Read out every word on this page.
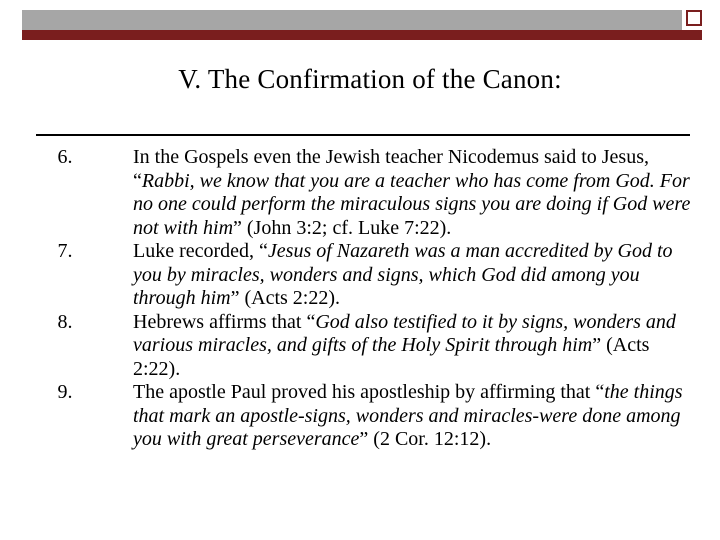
V. The Confirmation of the Canon:
6.	In the Gospels even the Jewish teacher Nicodemus said to Jesus, “Rabbi, we know that you are a teacher who has come from God. For no one could perform the miraculous signs you are doing if God were not with him” (John 3:2; cf. Luke 7:22).
7.	Luke recorded, “Jesus of Nazareth was a man accredited by God to you by miracles, wonders and signs, which God did among you through him” (Acts 2:22).
8.	Hebrews affirms that “God also testified to it by signs, wonders and various miracles, and gifts of the Holy Spirit through him” (Acts 2:22).
9.	The apostle Paul proved his apostleship by affirming that “the things that mark an apostle-signs, wonders and miracles-were done among you with great perseverance” (2 Cor. 12:12).
